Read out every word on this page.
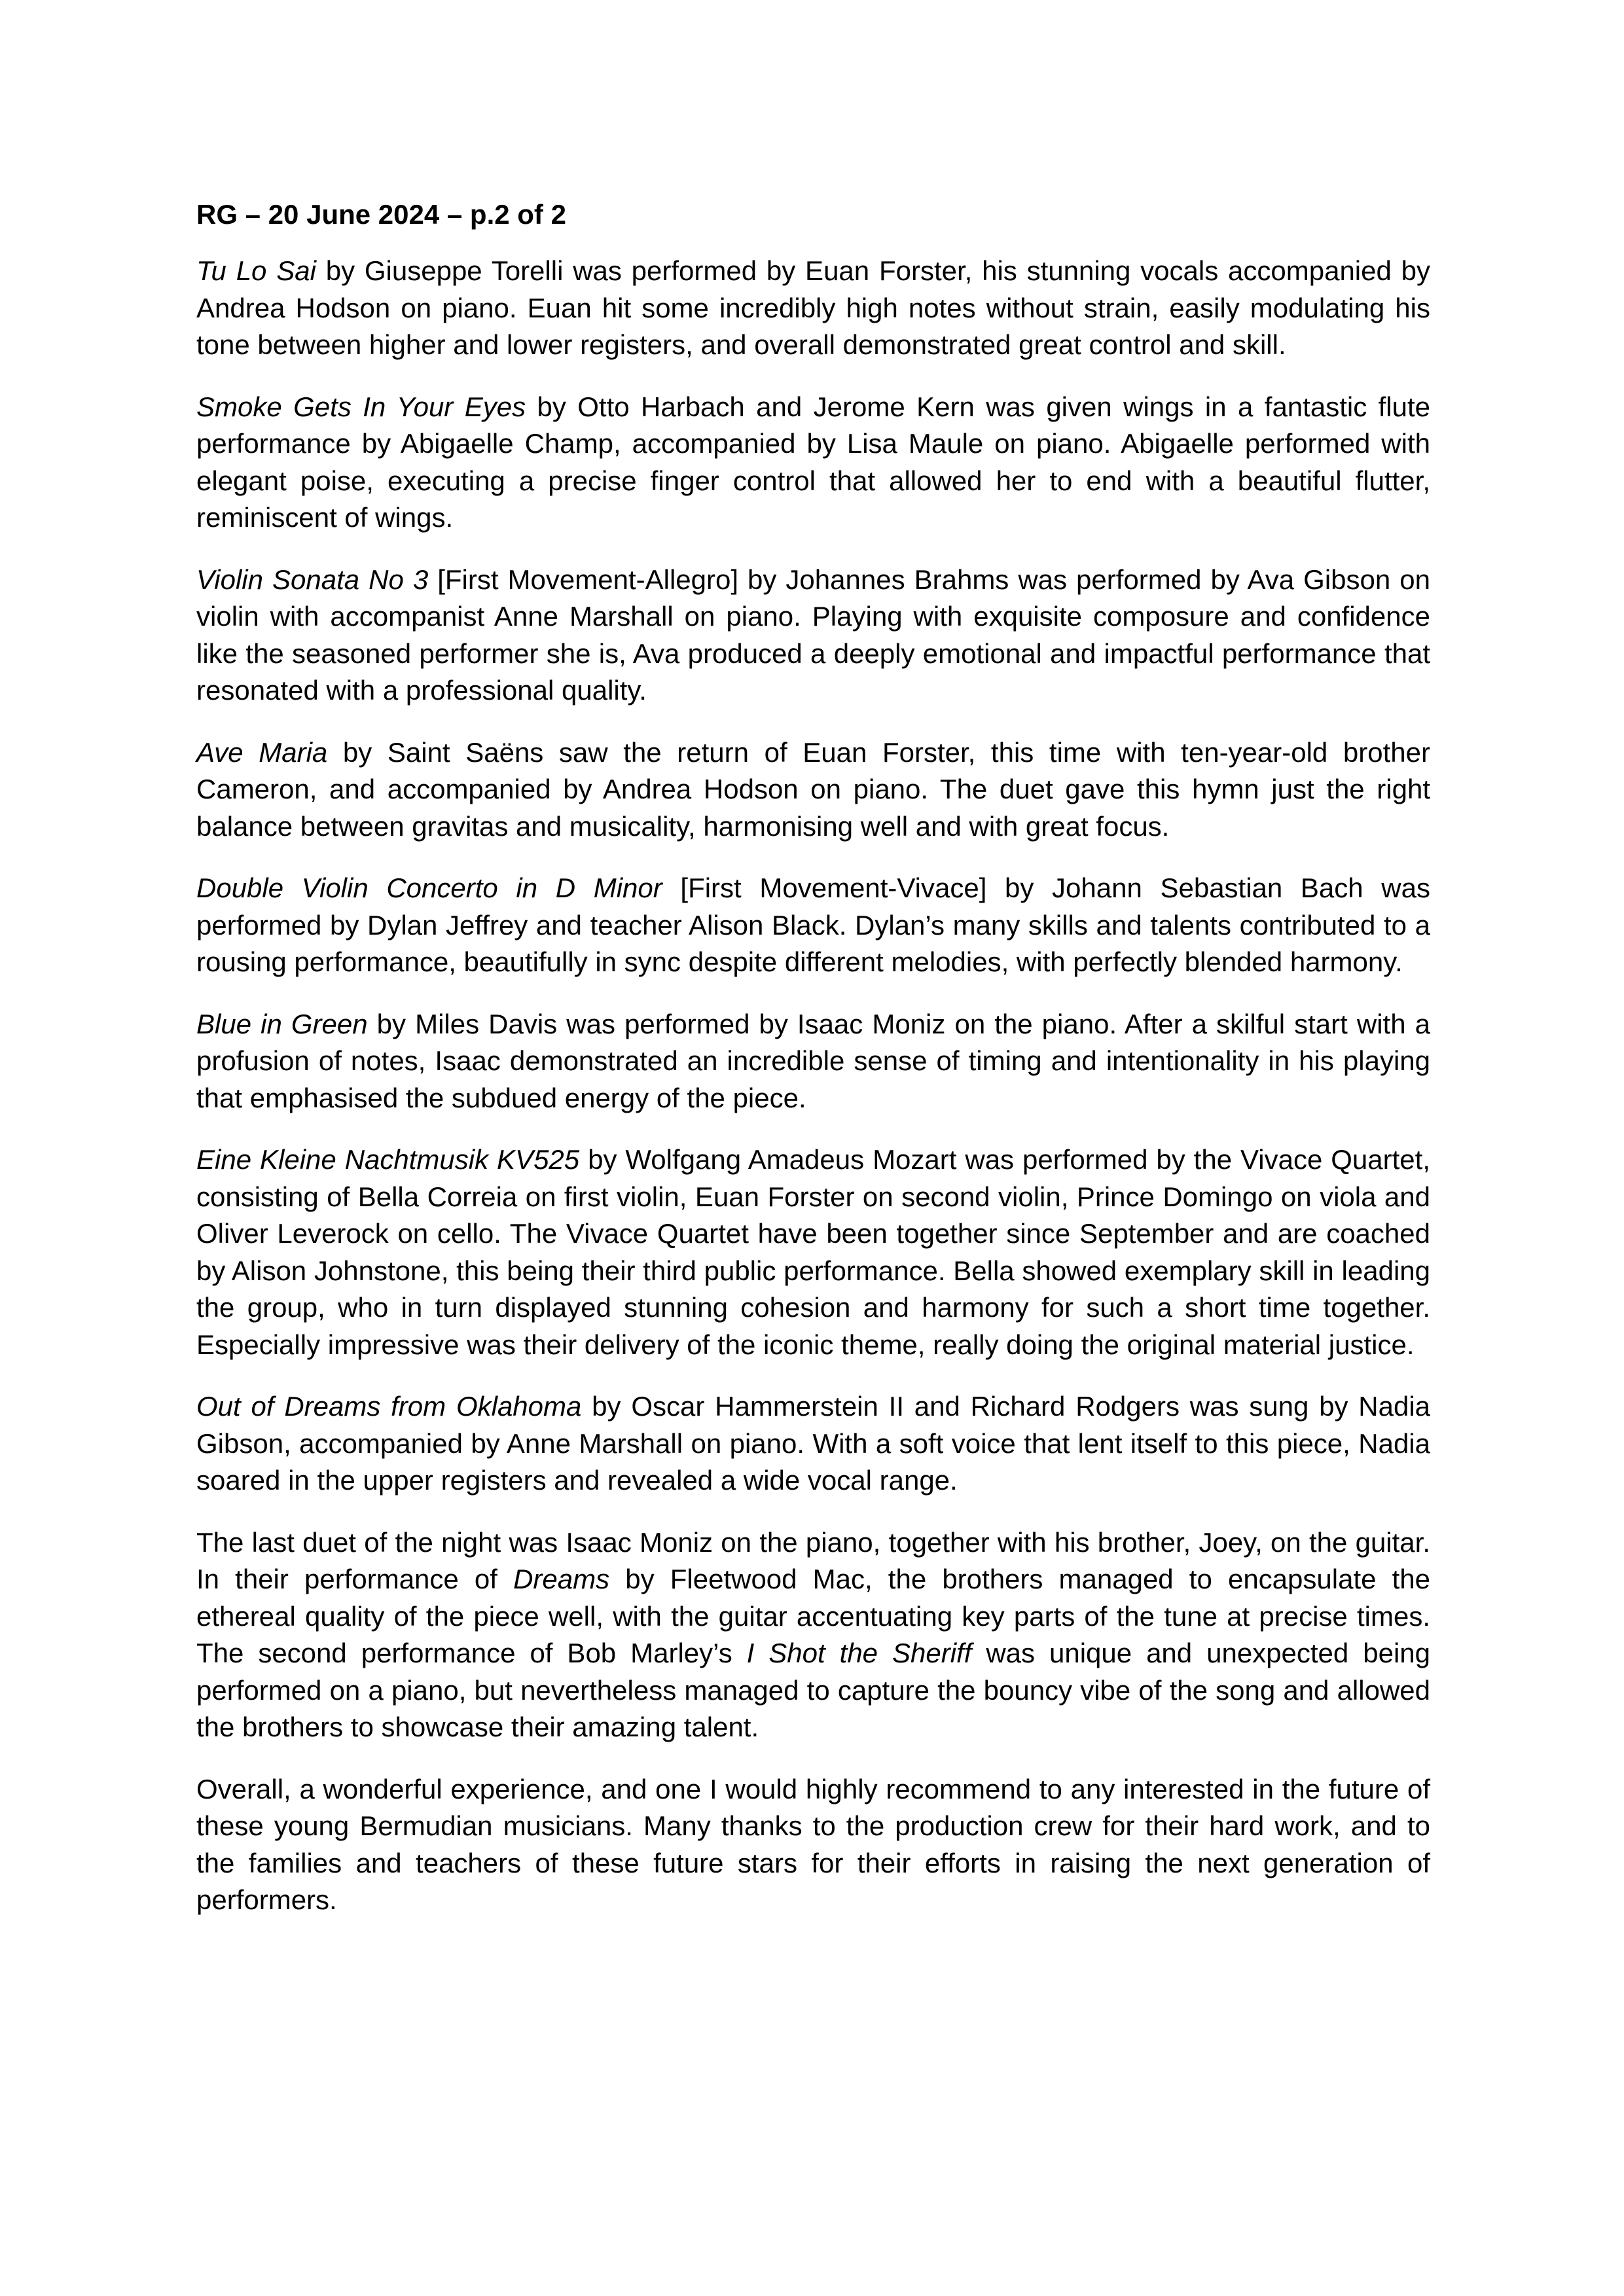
RG – 20 June 2024 – p.2 of 2

Tu Lo Sai by Giuseppe Torelli was performed by Euan Forster, his stunning vocals accompanied by Andrea Hodson on piano. Euan hit some incredibly high notes without strain, easily modulating his tone between higher and lower registers, and overall demonstrated great control and skill.

Smoke Gets In Your Eyes by Otto Harbach and Jerome Kern was given wings in a fantastic flute performance by Abigaelle Champ, accompanied by Lisa Maule on piano. Abigaelle performed with elegant poise, executing a precise finger control that allowed her to end with a beautiful flutter, reminiscent of wings.

Violin Sonata No 3 [First Movement-Allegro] by Johannes Brahms was performed by Ava Gibson on violin with accompanist Anne Marshall on piano. Playing with exquisite composure and confidence like the seasoned performer she is, Ava produced a deeply emotional and impactful performance that resonated with a professional quality.

Ave Maria by Saint Saëns saw the return of Euan Forster, this time with ten-year-old brother Cameron, and accompanied by Andrea Hodson on piano. The duet gave this hymn just the right balance between gravitas and musicality, harmonising well and with great focus.

Double Violin Concerto in D Minor [First Movement-Vivace] by Johann Sebastian Bach was performed by Dylan Jeffrey and teacher Alison Black. Dylan’s many skills and talents contributed to a rousing performance, beautifully in sync despite different melodies, with perfectly blended harmony.

Blue in Green by Miles Davis was performed by Isaac Moniz on the piano. After a skilful start with a profusion of notes, Isaac demonstrated an incredible sense of timing and intentionality in his playing that emphasised the subdued energy of the piece.

Eine Kleine Nachtmusik KV525 by Wolfgang Amadeus Mozart was performed by the Vivace Quartet, consisting of Bella Correia on first violin, Euan Forster on second violin, Prince Domingo on viola and Oliver Leverock on cello. The Vivace Quartet have been together since September and are coached by Alison Johnstone, this being their third public performance. Bella showed exemplary skill in leading the group, who in turn displayed stunning cohesion and harmony for such a short time together. Especially impressive was their delivery of the iconic theme, really doing the original material justice.

Out of Dreams from Oklahoma by Oscar Hammerstein II and Richard Rodgers was sung by Nadia Gibson, accompanied by Anne Marshall on piano. With a soft voice that lent itself to this piece, Nadia soared in the upper registers and revealed a wide vocal range.

The last duet of the night was Isaac Moniz on the piano, together with his brother, Joey, on the guitar. In their performance of Dreams by Fleetwood Mac, the brothers managed to encapsulate the ethereal quality of the piece well, with the guitar accentuating key parts of the tune at precise times. The second performance of Bob Marley’s I Shot the Sheriff was unique and unexpected being performed on a piano, but nevertheless managed to capture the bouncy vibe of the song and allowed the brothers to showcase their amazing talent.

Overall, a wonderful experience, and one I would highly recommend to any interested in the future of these young Bermudian musicians. Many thanks to the production crew for their hard work, and to the families and teachers of these future stars for their efforts in raising the next generation of performers.
